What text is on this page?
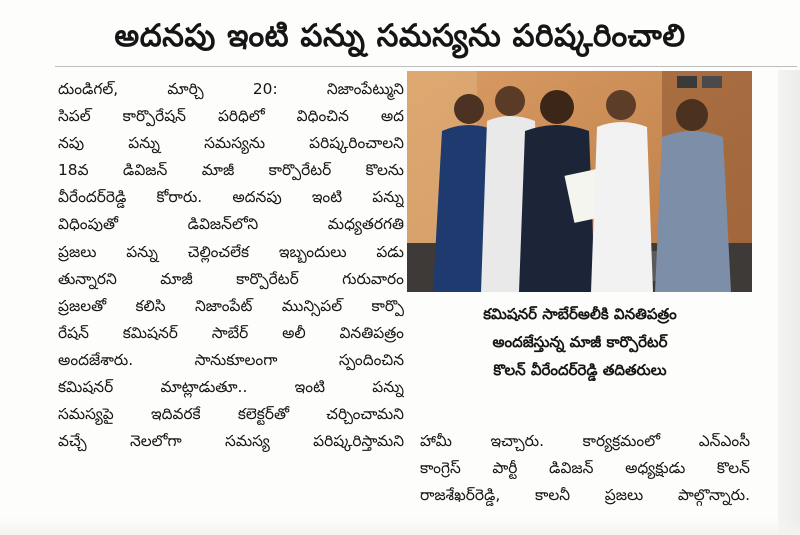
అదనపు ఇంటి పన్ను సమస్యను పరిష్కరించాలి
దుండిగల్, మార్చి 20: నిజాంపేట్ముని
సిపల్ కార్పొరేషన్ పరిధిలో విధించిన అద
నపు పన్ను సమస్యను పరిష్కరించాలని
18వ డివిజన్ మాజీ కార్పొరేటర్ కొలను
వీరేందర్‌రెడ్డి కోరారు. అదనపు ఇంటి పన్ను
విధింపుతో డివిజన్‌లోని మధ్యతరగతి
ప్రజలు పన్ను చెల్లించలేక ఇబ్బందులు పడు
తున్నారని మాజీ కార్పొరేటర్ గురువారం
ప్రజలతో కలిసి నిజాంపేట్ మున్సిపల్ కార్పొ
రేషన్ కమిషనర్ సాబేర్ అలీ వినతిపత్రం
అందజేశారు. సానుకూలంగా స్పందించిన
కమిషనర్ మాట్లాడుతూ.. ఇంటి పన్ను
సమస్యపై ఇదివరకే కలెక్టర్‌తో చర్చించామని
వచ్చే నెలలోగా సమస్య పరిష్కరిస్తామని
కమిషనర్ సాబేర్‌అలీకి వినతిపత్రం
అందజేస్తున్న మాజీ కార్పొరేటర్
కొలన్ వీరేందర్‌రెడ్డి తదితరులు
హామీ ఇచ్చారు. కార్యక్రమంలో ఎన్ఎంసీ
కాంగ్రెస్ పార్టీ డివిజన్ అధ్యక్షుడు కొలన్
రాజశేఖర్‌రెడ్డి, కాలనీ ప్రజలు పాల్గొన్నారు.
